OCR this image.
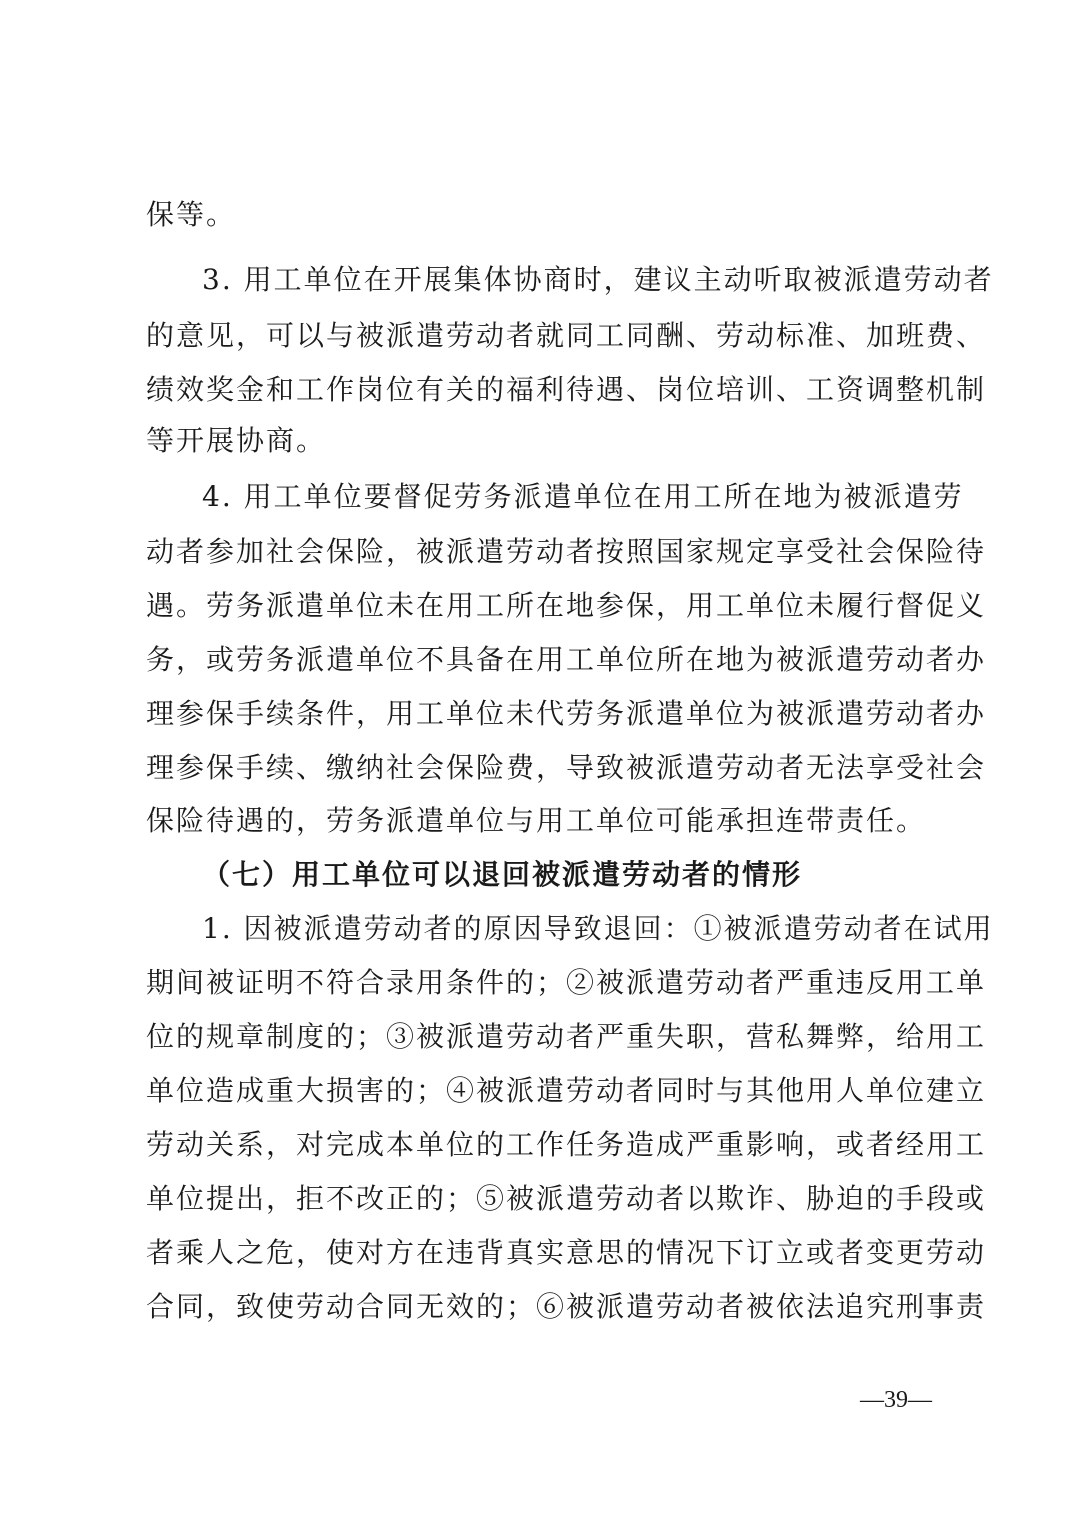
保等。
3. 用工单位在开展集体协商时，建议主动听取被派遣劳动者
的意见，可以与被派遣劳动者就同工同酬、劳动标准、加班费、
绩效奖金和工作岗位有关的福利待遇、岗位培训、工资调整机制
等开展协商。
4. 用工单位要督促劳务派遣单位在用工所在地为被派遣劳
动者参加社会保险，被派遣劳动者按照国家规定享受社会保险待
遇。劳务派遣单位未在用工所在地参保，用工单位未履行督促义
务，或劳务派遣单位不具备在用工单位所在地为被派遣劳动者办
理参保手续条件，用工单位未代劳务派遣单位为被派遣劳动者办
理参保手续、缴纳社会保险费，导致被派遣劳动者无法享受社会
保险待遇的，劳务派遣单位与用工单位可能承担连带责任。
（七）用工单位可以退回被派遣劳动者的情形
1. 因被派遣劳动者的原因导致退回：①被派遣劳动者在试用
期间被证明不符合录用条件的；②被派遣劳动者严重违反用工单
位的规章制度的；③被派遣劳动者严重失职，营私舞弊，给用工
单位造成重大损害的；④被派遣劳动者同时与其他用人单位建立
劳动关系，对完成本单位的工作任务造成严重影响，或者经用工
单位提出，拒不改正的；⑤被派遣劳动者以欺诈、胁迫的手段或
者乘人之危，使对方在违背真实意思的情况下订立或者变更劳动
合同，致使劳动合同无效的；⑥被派遣劳动者被依法追究刑事责
—39—
